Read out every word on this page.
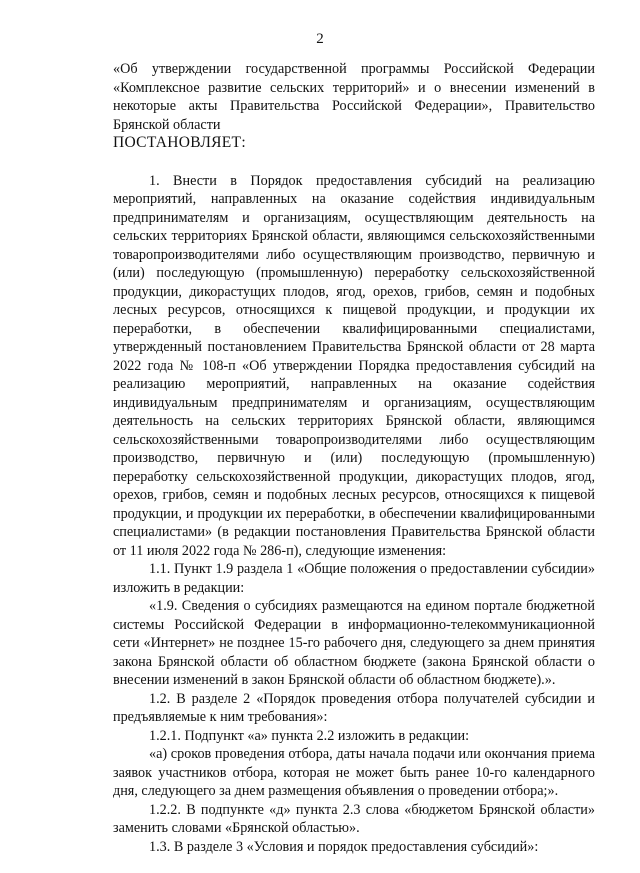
2

«Об утверждении государственной программы Российской Федерации «Комплексное развитие сельских территорий» и о внесении изменений в некоторые акты Правительства Российской Федерации», Правительство Брянской области

ПОСТАНОВЛЯЕТ:

1. Внести в Порядок предоставления субсидий на реализацию мероприятий, направленных на оказание содействия индивидуальным предпринимателям и организациям, осуществляющим деятельность на сельских территориях Брянской области, являющимся сельскохозяйственными товаропроизводителями либо осуществляющим производство, первичную и (или) последующую (промышленную) переработку сельскохозяйственной продукции, дикорастущих плодов, ягод, орехов, грибов, семян и подобных лесных ресурсов, относящихся к пищевой продукции, и продукции их переработки, в обеспечении квалифицированными специалистами, утвержденный постановлением Правительства Брянской области от 28 марта 2022 года № 108-п «Об утверждении Порядка предоставления субсидий на реализацию мероприятий, направленных на оказание содействия индивидуальным предпринимателям и организациям, осуществляющим деятельность на сельских территориях Брянской области, являющимся сельскохозяйственными товаропроизводителями либо осуществляющим производство, первичную и (или) последующую (промышленную) переработку сельскохозяйственной продукции, дикорастущих плодов, ягод, орехов, грибов, семян и подобных лесных ресурсов, относящихся к пищевой продукции, и продукции их переработки, в обеспечении квалифицированными специалистами» (в редакции постановления Правительства Брянской области от 11 июля 2022 года № 286-п), следующие изменения:

1.1. Пункт 1.9 раздела 1 «Общие положения о предоставлении субсидии» изложить в редакции:

«1.9. Сведения о субсидиях размещаются на едином портале бюджетной системы Российской Федерации в информационно-телекоммуникационной сети «Интернет» не позднее 15-го рабочего дня, следующего за днем принятия закона Брянской области об областном бюджете (закона Брянской области о внесении изменений в закон Брянской области об областном бюджете).».

1.2. В разделе 2 «Порядок проведения отбора получателей субсидии и предъявляемые к ним требования»:

1.2.1. Подпункт «а» пункта 2.2 изложить в редакции:

«а) сроков проведения отбора, даты начала подачи или окончания приема заявок участников отбора, которая не может быть ранее 10-го календарного дня, следующего за днем размещения объявления о проведении отбора;».

1.2.2. В подпункте «д» пункта 2.3 слова «бюджетом Брянской области» заменить словами «Брянской областью».

1.3. В разделе 3 «Условия и порядок предоставления субсидий»:
